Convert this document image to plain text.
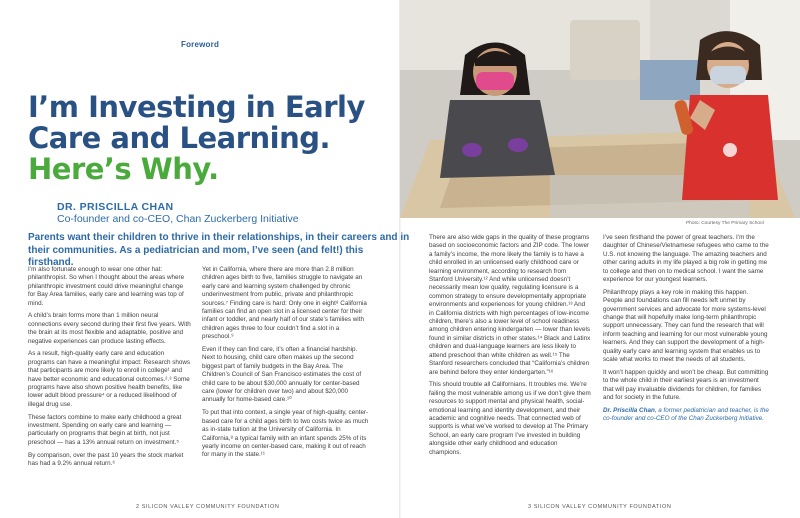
Foreword
I’m Investing in Early
Care and Learning.
Here’s Why.
DR. PRISCILLA CHAN
Co-founder and co-CEO, Chan Zuckerberg Initiative
Parents want their children to thrive in their relationships, in their careers and in their communities. As a pediatrician and mom, I’ve seen (and felt!) this firsthand.

I’m also fortunate enough to wear one other hat: philanthropist. So when I thought about the areas where philanthropic investment could drive meaningful change for Bay Area families, early care and learning was top of mind.

A child’s brain forms more than 1 million neural connections every second during their first five years. With the brain at its most flexible and adaptable, positive and negative experiences can produce lasting effects.

As a result, high-quality early care and education programs can have a meaningful impact: Research shows that participants are more likely to enroll in college¹ and have better economic and educational outcomes.²˒³ Some programs have also shown positive health benefits, like lower adult blood pressure⁴ or a reduced likelihood of illegal drug use.

These factors combine to make early childhood a great investment. Spending on early care and learning — particularly on programs that begin at birth, not just preschool — has a 13% annual return on investment.⁵

By comparison, over the past 10 years the stock market has had a 9.2% annual return.⁶

Yet in California, where there are more than 2.8 million children ages birth to five, families struggle to navigate an early care and learning system challenged by chronic underinvestment from public, private and philanthropic sources.⁷ Finding care is hard: Only one in eight⁸ California families can find an open slot in a licensed center for their infant or toddler, and nearly half of our state’s families with children ages three to four couldn’t find a slot in a preschool.⁹

Even if they can find care, it’s often a financial hardship. Next to housing, child care often makes up the second biggest part of family budgets in the Bay Area. The Children’s Council of San Francisco estimates the cost of child care to be about $30,000 annually for center-based care (lower for children over two) and about $20,000 annually for home-based care.¹⁰

To put that into context, a single year of high-quality, center-based care for a child ages birth to two costs twice as much as in-state tuition at the University of California. In California,⁸ a typical family with an infant spends 25% of its yearly income on center-based care, making it out of reach for many in the state.¹¹

2 SILICON VALLEY COMMUNITY FOUNDATION
Photo: Courtesy The Primary School

There are also wide gaps in the quality of these programs based on socioeconomic factors and ZIP code. The lower a family’s income, the more likely the family is to have a child enrolled in an unlicensed early childhood care or learning environment, according to research from Stanford University.¹² And while unlicensed doesn’t necessarily mean low quality, regulating licensure is a common strategy to ensure developmentally appropriate environments and experiences for young children.¹³ And in California districts with high percentages of low-income children, there’s also a lower level of school readiness among children entering kindergarten — lower than levels found in similar districts in other states.¹⁴ Black and Latinx children and dual-language learners are less likely to attend preschool than white children as well.¹⁵ The Stanford researchers concluded that “California’s children are behind before they enter kindergarten.”¹⁶

This should trouble all Californians. It troubles me. We’re failing the most vulnerable among us if we don’t give them resources to support mental and physical health, social-emotional learning and identity development, and their academic and cognitive needs. That connected web of supports is what we’ve worked to develop at The Primary School, an early care program I’ve invested in building alongside other early childhood and education champions.

I’ve seen firsthand the power of great teachers. I’m the daughter of Chinese/Vietnamese refugees who came to the U.S. not knowing the language. The amazing teachers and other caring adults in my life played a big role in getting me to college and then on to medical school. I want the same experience for our youngest learners.

Philanthropy plays a key role in making this happen. People and foundations can fill needs left unmet by government services and advocate for more systems-level change that will hopefully make long-term philanthropic support unnecessary. They can fund the research that will inform teaching and learning for our most vulnerable young learners. And they can support the development of a high-quality early care and learning system that enables us to scale what works to meet the needs of all students.

It won’t happen quickly and won’t be cheap. But committing to the whole child in their earliest years is an investment that will pay invaluable dividends for children, for families and for society in the future.

Dr. Priscilla Chan, a former pediatrician and teacher, is the co-founder and co-CEO of the Chan Zuckerberg Initiative.

3 SILICON VALLEY COMMUNITY FOUNDATION
